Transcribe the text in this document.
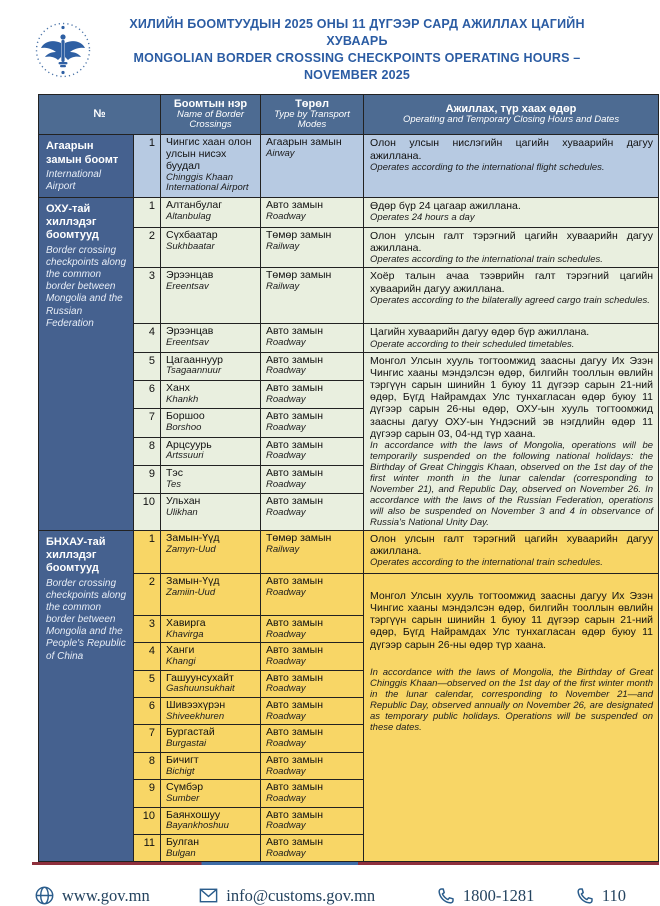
ХИЛИЙН БООМТУУДЫН 2025 ОНЫ 11 ДҮГЭЭР САРД АЖИЛЛАХ ЦАГИЙН ХУВААРЬ
MONGOLIAN BORDER CROSSING CHECKPOINTS OPERATING HOURS –NOVEMBER 2025
№

Боомтын нэр
Name of Border Crossings

Төрөл
Type by Transport Modes

Ажиллах, түр хаах өдөр
Operating and Temporary Closing Hours and Dates

Агаарын замын боомт
International Airport
	1	Чингис хаан олон улсын нисэх буудал
Chinggis Khaan International Airport

Агаарын замын
Airway

Олон улсын нислэгийн цагийн хуваарийн дагуу ажиллана.
Operates according to the international flight schedules.

ОХУ-тай хиллэдэг боомтууд
Border crossing checkpoints along the common border between Mongolia and the Russian Federation
	1	Алтанбулаг
Altanbulag

Авто замын
Roadway

Өдөр бүр 24 цагаар ажиллана.
Operates 24 hours a day

2	Сүхбаатар
Sukhbaatar

Төмөр замын
Railway

Олон улсын галт тэрэгний цагийн хуваарийн дагуу ажиллана.
Operates according to the international train schedules.

3	Эрээнцав
Ereentsav

Төмөр замын
Railway

Хоёр талын ачаа тээврийн галт тэрэгний цагийн хуваарийн дагуу ажиллана.
Operates according to the bilaterally agreed cargo train schedules.

4	Эрээнцав
Ereentsav

Авто замын
Roadway

Цагийн хуваарийн дагуу өдөр бүр ажиллана.
Operate according to their scheduled timetables.

5	Цагааннуур
Tsagaannuur

Авто замын
Roadway

Монгол Улсын хууль тогтоомжид заасны дагуу Их Эзэн Чингис хааны мэндэлсэн өдөр, билгийн тооллын өвлийн тэргүүн сарын шинийн 1 буюу 11 дүгээр сарын 21-ний өдөр, Бүгд Найрамдах Улс тунхагласан өдөр буюу 11 дүгээр сарын 26-ны өдөр, ОХУ-ын хууль тогтоомжид заасны дагуу ОХУ-ын Үндэсний эв нэгдлийн өдөр 11 дүгээр сарын 03, 04-нд түр хаана.
In accordance with the laws of Mongolia, operations will be temporarily suspended on the following national holidays: the Birthday of Great Chinggis Khaan, observed on the 1st day of the first winter month in the lunar calendar (corresponding to November 21), and Republic Day, observed on November 26. In accordance with the laws of the Russian Federation, operations will also be suspended on November 3 and 4 in observance of Russia's National Unity Day.

6	Ханх
Khankh

Авто замын
Roadway

7	Боршоо
Borshoo

Авто замын
Roadway

8	Арцсуурь
Artssuuri

Авто замын
Roadway

9	Тэс
Tes

Авто замын
Roadway

10	Ульхан
Ulikhan

Авто замын
Roadway

БНХАУ-тай хиллэдэг боомтууд
Border crossing checkpoints along the common border between Mongolia and the People's Republic of China
	1	Замын-Үүд
Zamyn-Uud

Төмөр замын
Railway

Олон улсын галт тэрэгний цагийн хуваарийн дагуу ажиллана.
Operates according to the international train schedules.

2	Замын-Үүд
Zamiin-Uud

Авто замын
Roadway	Монгол Улсын хууль тогтоомжид заасны дагуу Их Эзэн Чингис хааны мэндэлсэн өдөр, билгийн тооллын өвлийн тэргүүн сарын шинийн 1 буюу 11 дүгээр сарын 21-ний өдөр, Бүгд Найрамдах Улс тунхагласан өдөр буюу 11 дүгээр сарын 26-ны өдөр түр хаана.
In accordance with the laws of Mongolia, the Birthday of Great Chinggis Khaan—observed on the 1st day of the first winter month in the lunar calendar, corresponding to November 21—and Republic Day, observed annually on November 26, are designated as temporary public holidays. Operations will be suspended on these dates.

3	Хавирга
Khavirga

Авто замын
Roadway

4	Ханги
Khangi

Авто замын
Roadway

5	Гашуунсухайт
Gashuunsukhait

Авто замын
Roadway

6	Шивээхүрэн
Shiveekhuren

Авто замын
Roadway

7	Бургастай
Burgastai

Авто замын
Roadway

8	Бичигт
Bichigt

Авто замын
Roadway

9	Сүмбэр
Sumber

Авто замын
Roadway

10	Баянхошуу
Bayankhoshuu

Авто замын
Roadway

11	Булган
Bulgan

Авто замын
Roadway
www.gov.mn	info@customs.gov.mn	1800-1281	110
